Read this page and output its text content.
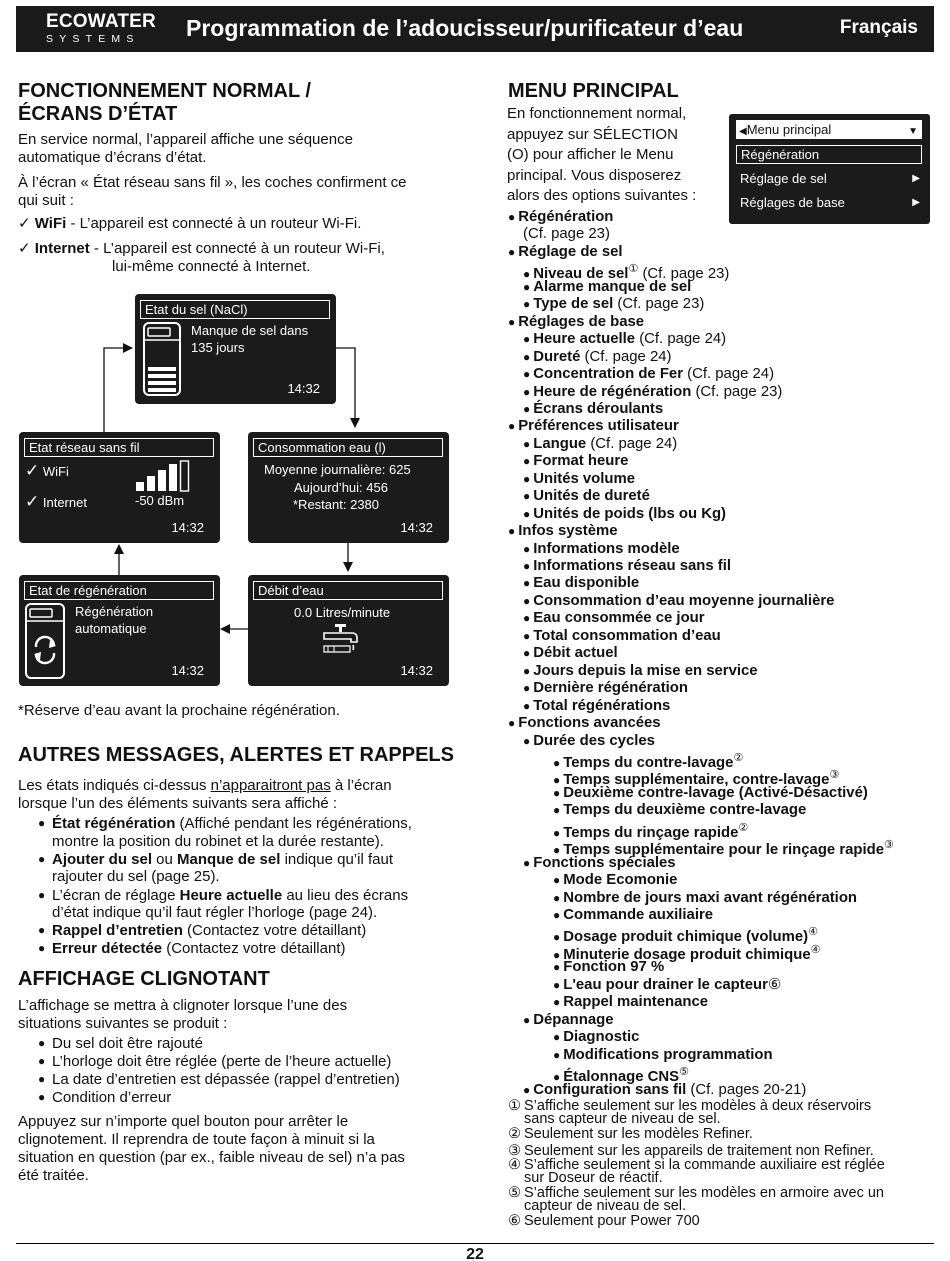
ECOWATER
SYSTEMS Programmation de l’adoucisseur/purificateur d’eau	Français
FONCTIONNEMENT NORMAL /
ÉCRANS D’ÉTAT
En service normal, l’appareil affiche une séquence
automatique d’écrans d’état.
À l’écran « État réseau sans fil », les coches confirment ce
qui suit :
✓ WiFi - L’appareil est connecté à un routeur Wi-Fi.
✓ Internet - L’appareil est connecté à un routeur Wi-Fi,
lui-même connecté à Internet.
Etat du sel (NaCl)
Manque de sel dans
135 jours
14:32
Etat réseau sans fil
✓ WiFi
✓ Internet	-50 dBm
14:32
Consommation eau (l)
Moyenne journalière: 625
Aujourd’hui: 456
*Restant: 2380
14:32
Etat de régénération
Régénération
automatique
14:32
Débit d’eau
0.0 Litres/minute
14:32
*Réserve d’eau avant la prochaine régénération.
AUTRES MESSAGES, ALERTES ET RAPPELS
Les états indiqués ci-dessus n’apparaitront pas à l’écran
lorsque l’un des éléments suivants sera affiché :
● État régénération (Affiché pendant les régénérations,
montre la position du robinet et la durée restante).
● Ajouter du sel ou Manque de sel indique qu’il faut
rajouter du sel (page 25).
● L’écran de réglage Heure actuelle au lieu des écrans
d’état indique qu’il faut régler l’horloge (page 24).
● Rappel d’entretien (Contactez votre détaillant)
● Erreur détectée (Contactez votre détaillant)
AFFICHAGE CLIGNOTANT
L’affichage se mettra à clignoter lorsque l’une des
situations suivantes se produit :
● Du sel doit être rajouté
● L’horloge doit être réglée (perte de l’heure actuelle)
● La date d’entretien est dépassée (rappel d’entretien)
● Condition d’erreur
Appuyez sur n’importe quel bouton pour arrêter le
clignotement. Il reprendra de toute façon à minuit si la
situation en question (par ex., faible niveau de sel) n’a pas
été traitée.
MENU PRINCIPAL
En fonctionnement normal,
appuyez sur SÉLECTION
(O) pour afficher le Menu
principal. Vous disposerez
alors des options suivantes :
◀Menu principal	▼
Régénération
Réglage de sel	▶
Réglages de base	▶
● Régénération
(Cf. page 23)
● Réglage de sel
● Niveau de sel① (Cf. page 23)
● Alarme manque de sel
● Type de sel (Cf. page 23)
● Réglages de base
● Heure actuelle (Cf. page 24)
● Dureté (Cf. page 24)
● Concentration de Fer (Cf. page 24)
● Heure de régénération (Cf. page 23)
● Écrans déroulants
● Préférences utilisateur
● Langue (Cf. page 24)
● Format heure
● Unités volume
● Unités de dureté
● Unités de poids (lbs ou Kg)
● Infos système
● Informations modèle
● Informations réseau sans fil
● Eau disponible
● Consommation d’eau moyenne journalière
● Eau consommée ce jour
● Total consommation d’eau
● Débit actuel
● Jours depuis la mise en service
● Dernière régénération
● Total régénérations
● Fonctions avancées
● Durée des cycles
● Temps du contre-lavage②
● Temps supplémentaire, contre-lavage③
● Deuxième contre-lavage (Activé-Désactivé)
● Temps du deuxième contre-lavage
● Temps du rinçage rapide②
● Temps supplémentaire pour le rinçage rapide③
● Fonctions spéciales
● Mode Ecomonie
● Nombre de jours maxi avant régénération
● Commande auxiliaire
● Dosage produit chimique (volume)④
● Minuterie dosage produit chimique④
● Fonction 97 %
● L'eau pour drainer le capteur⑥
● Rappel maintenance
● Dépannage
● Diagnostic
● Modifications programmation
● Étalonnage CNS⑤
● Configuration sans fil (Cf. pages 20-21)
① S’affiche seulement sur les modèles à deux réservoirs
sans capteur de niveau de sel.
② Seulement sur les modèles Refiner.
③ Seulement sur les appareils de traitement non Refiner.
④ S’affiche seulement si la commande auxiliaire est réglée
sur Doseur de réactif.
⑤ S’affiche seulement sur les modèles en armoire avec un
capteur de niveau de sel.
⑥ Seulement pour Power 700
22
